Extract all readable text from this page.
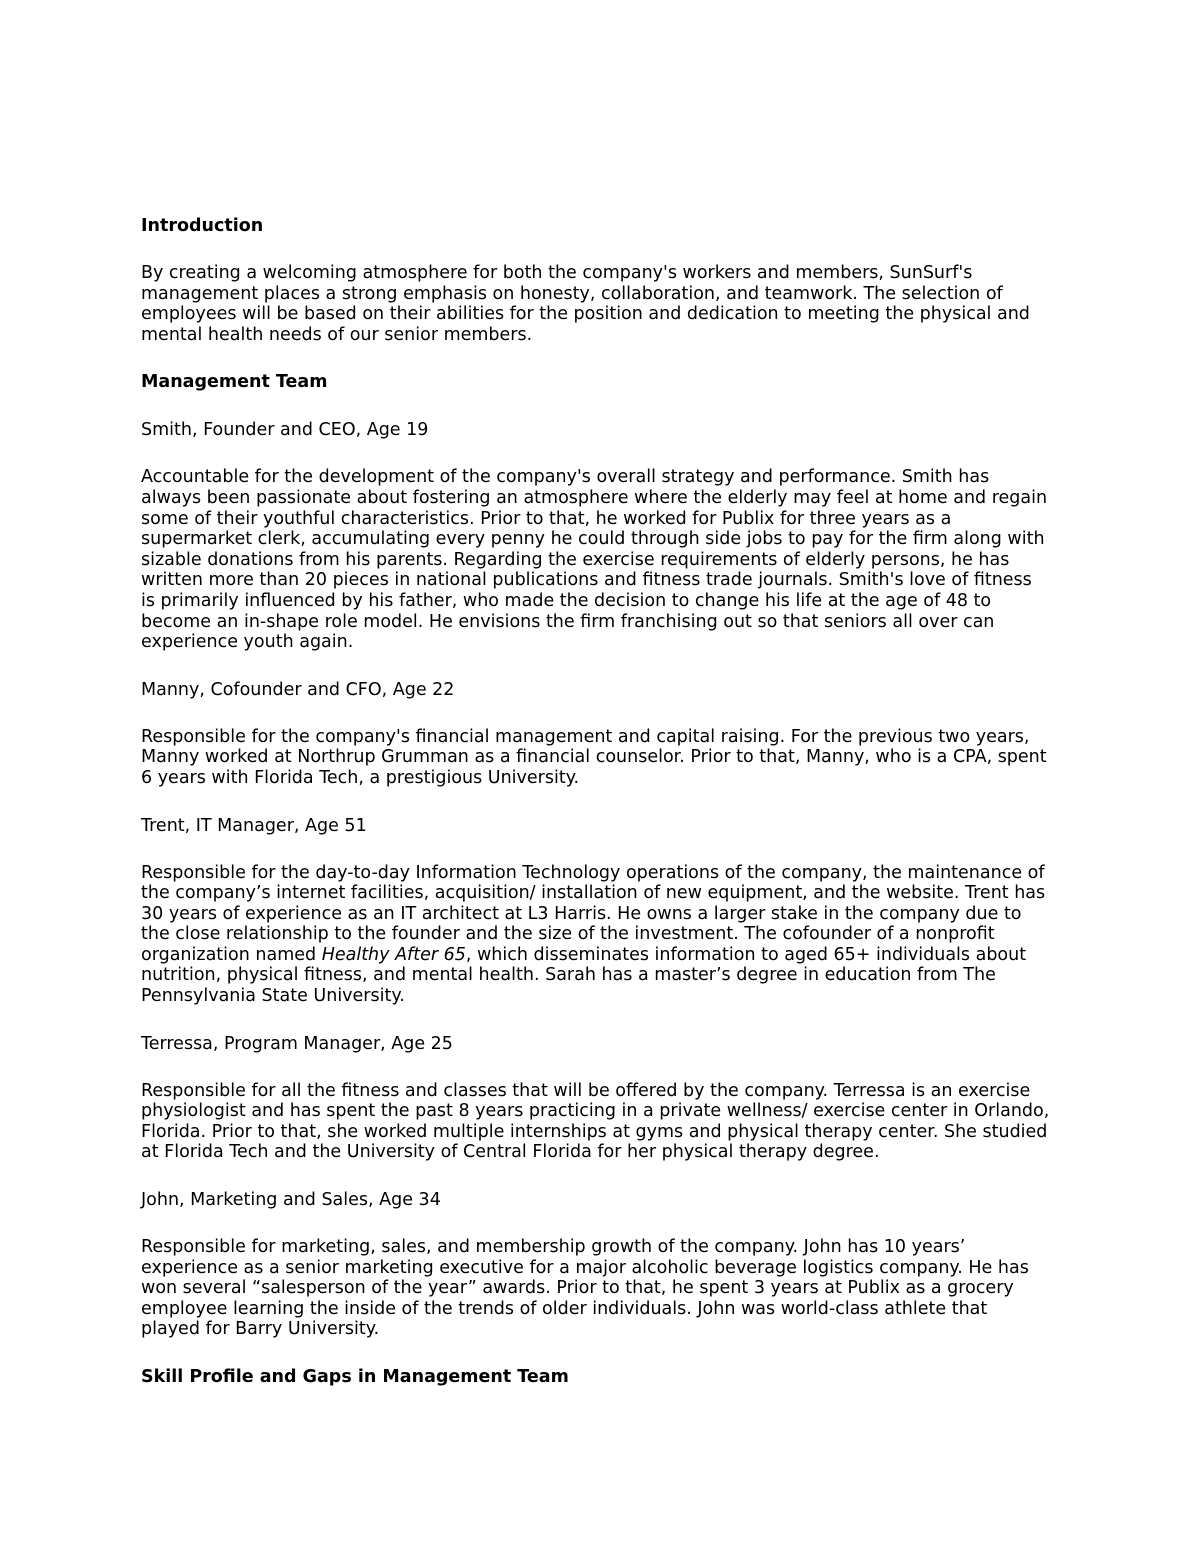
Introduction
By creating a welcoming atmosphere for both the company's workers and members, SunSurf's
management places a strong emphasis on honesty, collaboration, and teamwork. The selection of
employees will be based on their abilities for the position and dedication to meeting the physical and
mental health needs of our senior members.
Management Team
Smith, Founder and CEO, Age 19
Accountable for the development of the company's overall strategy and performance. Smith has
always been passionate about fostering an atmosphere where the elderly may feel at home and regain
some of their youthful characteristics. Prior to that, he worked for Publix for three years as a
supermarket clerk, accumulating every penny he could through side jobs to pay for the firm along with
sizable donations from his parents. Regarding the exercise requirements of elderly persons, he has
written more than 20 pieces in national publications and fitness trade journals. Smith's love of fitness
is primarily influenced by his father, who made the decision to change his life at the age of 48 to
become an in-shape role model. He envisions the firm franchising out so that seniors all over can
experience youth again.
Manny, Cofounder and CFO, Age 22
Responsible for the company's financial management and capital raising. For the previous two years,
Manny worked at Northrup Grumman as a financial counselor. Prior to that, Manny, who is a CPA, spent
6 years with Florida Tech, a prestigious University.
Trent, IT Manager, Age 51
Responsible for the day-to-day Information Technology operations of the company, the maintenance of
the company’s internet facilities, acquisition/ installation of new equipment, and the website. Trent has
30 years of experience as an IT architect at L3 Harris. He owns a larger stake in the company due to
the close relationship to the founder and the size of the investment. The cofounder of a nonprofit
organization named Healthy After 65, which disseminates information to aged 65+ individuals about
nutrition, physical fitness, and mental health. Sarah has a master’s degree in education from The
Pennsylvania State University.
Terressa, Program Manager, Age 25
Responsible for all the fitness and classes that will be offered by the company. Terressa is an exercise
physiologist and has spent the past 8 years practicing in a private wellness/ exercise center in Orlando,
Florida. Prior to that, she worked multiple internships at gyms and physical therapy center. She studied
at Florida Tech and the University of Central Florida for her physical therapy degree.
John, Marketing and Sales, Age 34
Responsible for marketing, sales, and membership growth of the company. John has 10 years’
experience as a senior marketing executive for a major alcoholic beverage logistics company. He has
won several “salesperson of the year” awards. Prior to that, he spent 3 years at Publix as a grocery
employee learning the inside of the trends of older individuals. John was world-class athlete that
played for Barry University.
Skill Profile and Gaps in Management Team
